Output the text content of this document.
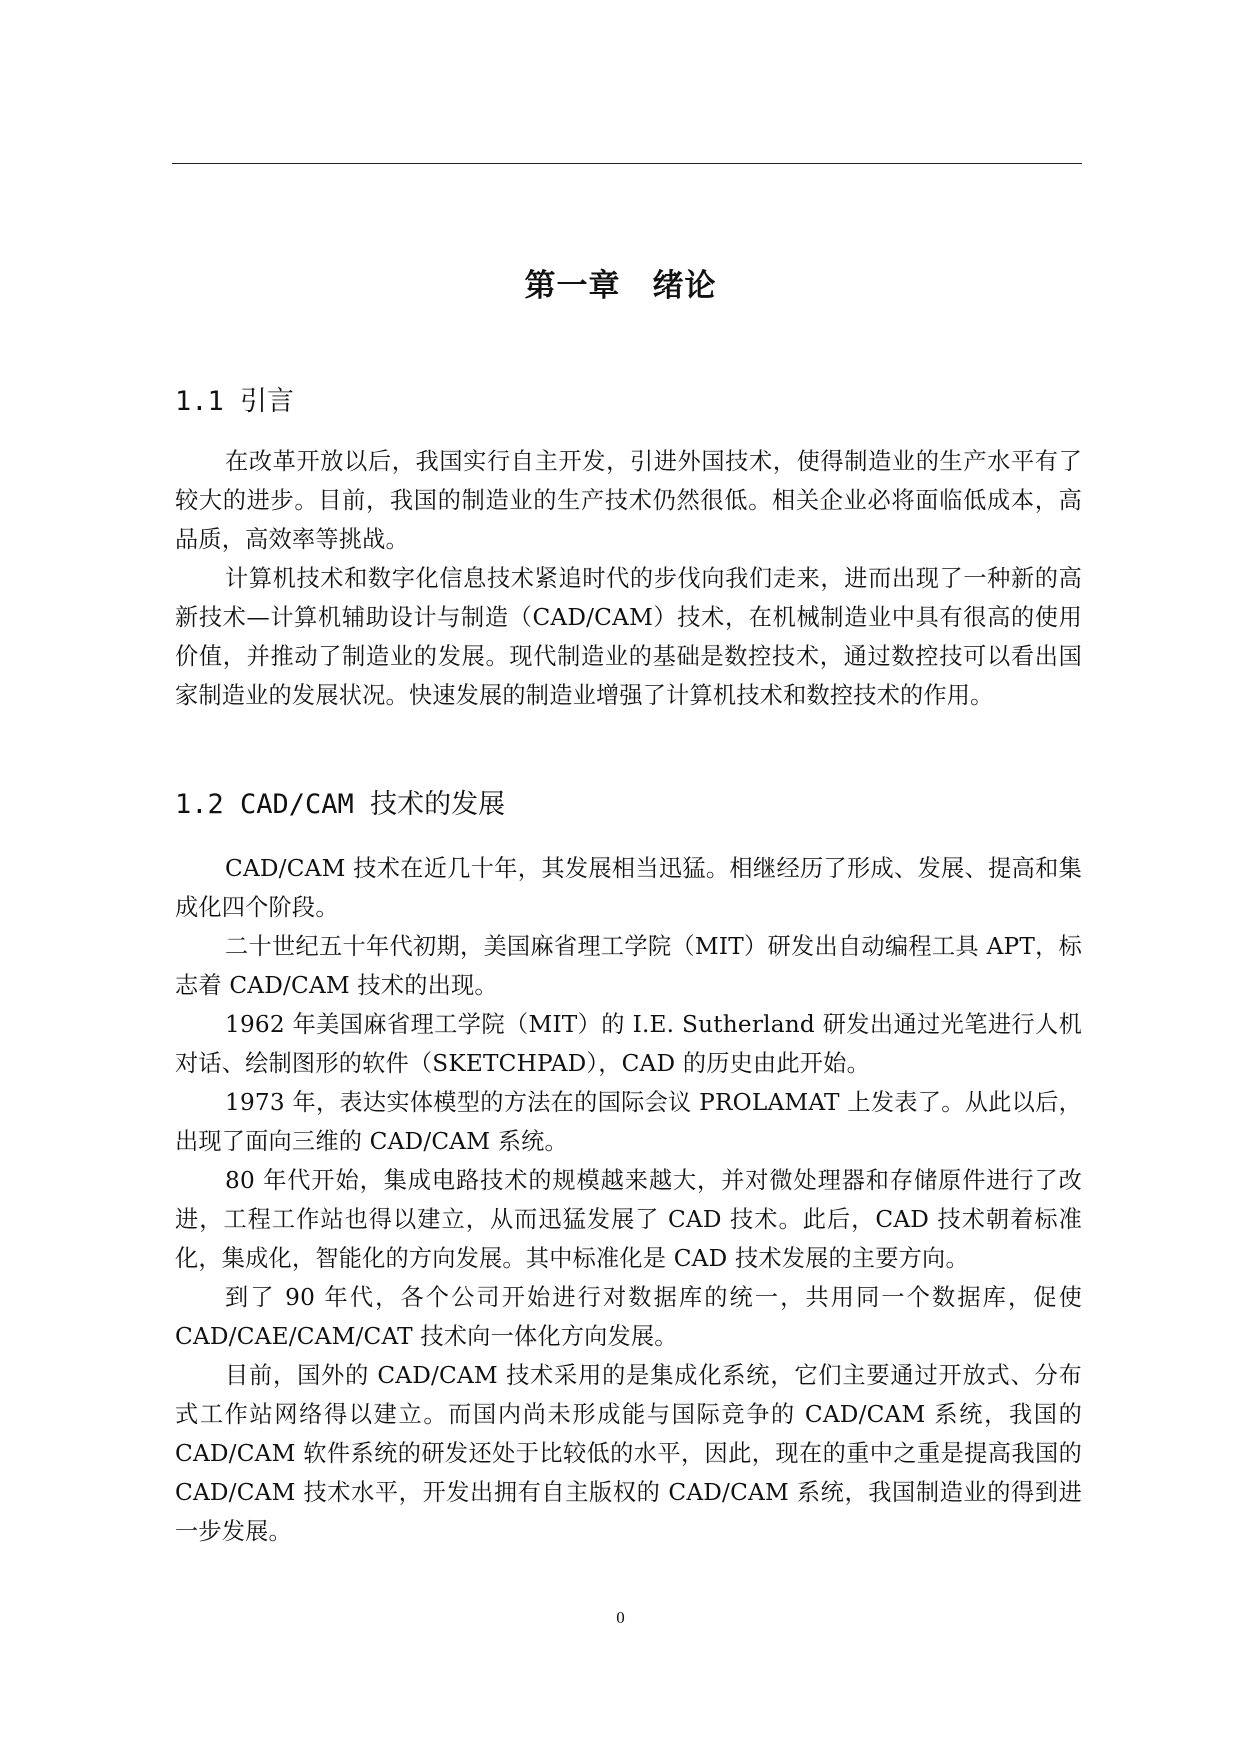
第一章　绪论
1.1 引言

在改革开放以后，我国实行自主开发，引进外国技术，使得制造业的生产水平有了较大的进步。目前，我国的制造业的生产技术仍然很低。相关企业必将面临低成本，高品质，高效率等挑战。

计算机技术和数字化信息技术紧追时代的步伐向我们走来，进而出现了一种新的高新技术—计算机辅助设计与制造（CAD/CAM）技术，在机械制造业中具有很高的使用价值，并推动了制造业的发展。现代制造业的基础是数控技术，通过数控技可以看出国家制造业的发展状况。快速发展的制造业增强了计算机技术和数控技术的作用。

1.2 CAD/CAM 技术的发展

CAD/CAM 技术在近几十年，其发展相当迅猛。相继经历了形成、发展、提高和集成化四个阶段。

二十世纪五十年代初期，美国麻省理工学院（MIT）研发出自动编程工具 APT，标志着 CAD/CAM 技术的出现。

1962 年美国麻省理工学院（MIT）的 I.E. Sutherland 研发出通过光笔进行人机对话、绘制图形的软件（SKETCHPAD），CAD 的历史由此开始。

1973 年，表达实体模型的方法在的国际会议 PROLAMAT 上发表了。从此以后，出现了面向三维的 CAD/CAM 系统。

80 年代开始，集成电路技术的规模越来越大，并对微处理器和存储原件进行了改进，工程工作站也得以建立，从而迅猛发展了 CAD 技术。此后，CAD 技术朝着标准化，集成化，智能化的方向发展。其中标准化是 CAD 技术发展的主要方向。

到了 90 年代，各个公司开始进行对数据库的统一，共用同一个数据库，促使 CAD/CAE/CAM/CAT 技术向一体化方向发展。

目前，国外的 CAD/CAM 技术采用的是集成化系统，它们主要通过开放式、分布式工作站网络得以建立。而国内尚未形成能与国际竞争的 CAD/CAM 系统，我国的 CAD/CAM 软件系统的研发还处于比较低的水平，因此，现在的重中之重是提高我国的 CAD/CAM 技术水平，开发出拥有自主版权的 CAD/CAM 系统，我国制造业的得到进一步发展。

0
